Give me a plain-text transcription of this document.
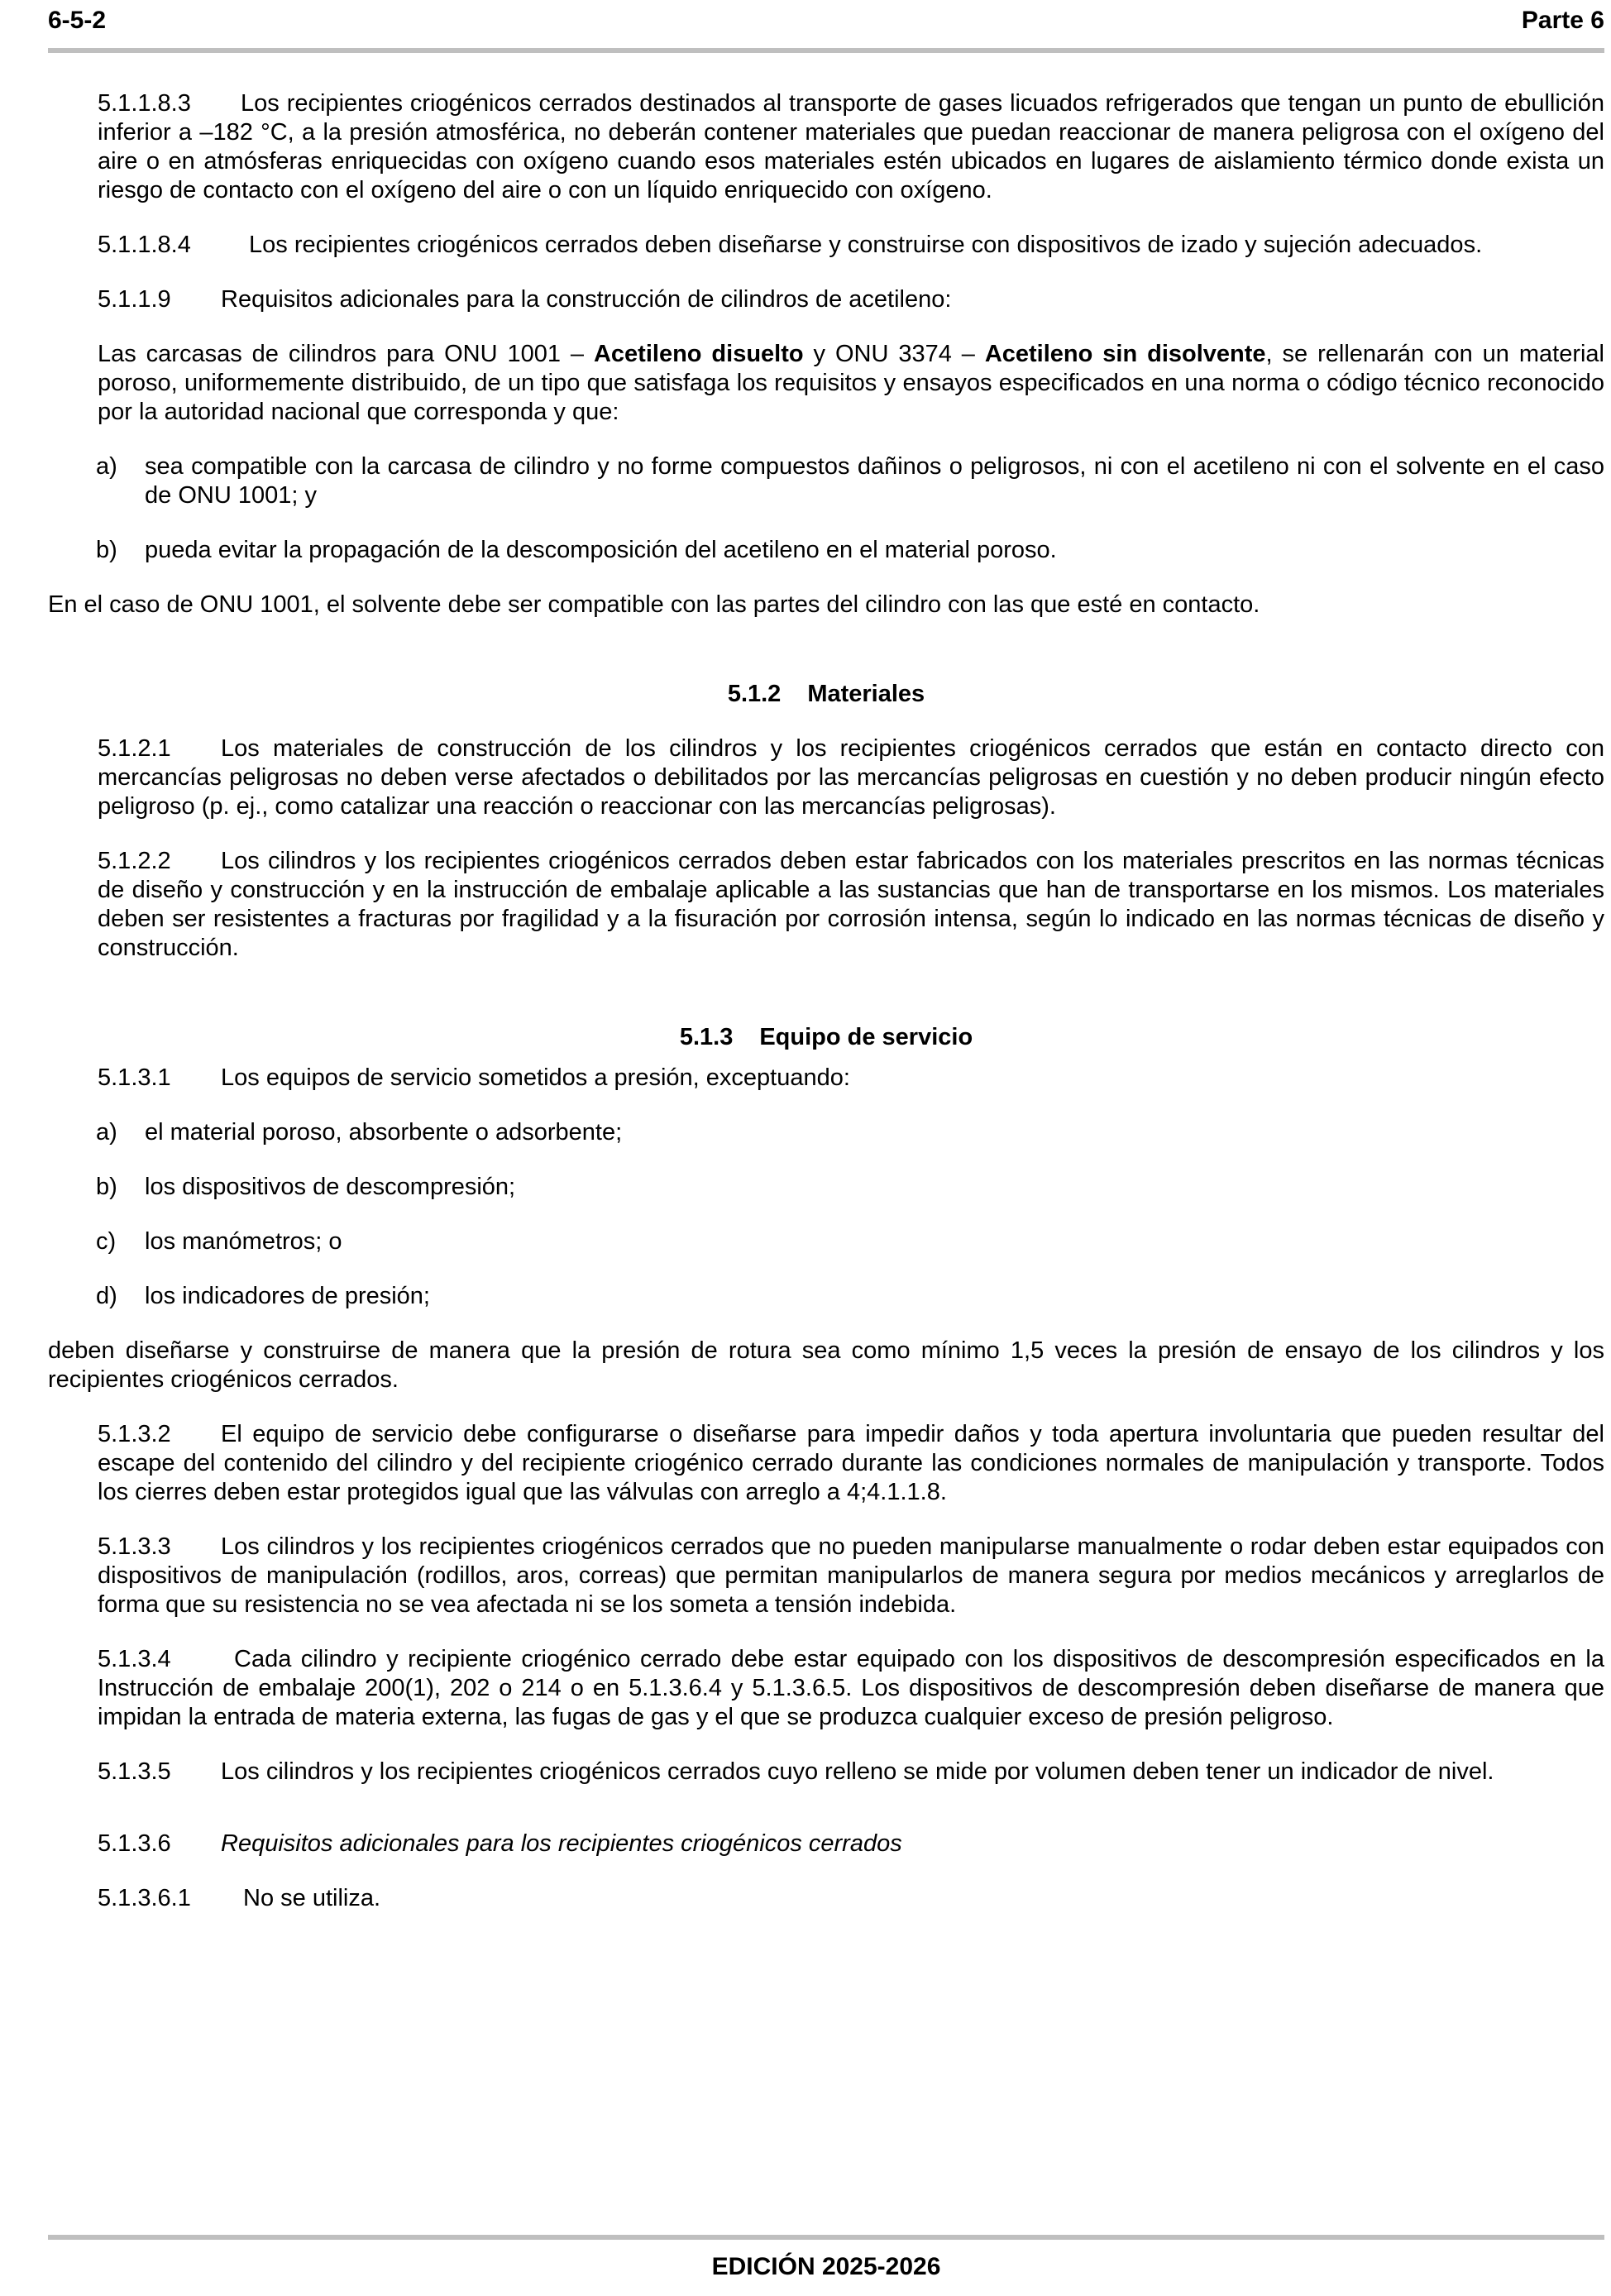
6-5-2	Parte 6

5.1.1.8.3 Los recipientes criogénicos cerrados destinados al transporte de gases licuados refrigerados que tengan un punto de ebullición inferior a –182 °C, a la presión atmosférica, no deberán contener materiales que puedan reaccionar de manera peligrosa con el oxígeno del aire o en atmósferas enriquecidas con oxígeno cuando esos materiales estén ubicados en lugares de aislamiento térmico donde exista un riesgo de contacto con el oxígeno del aire o con un líquido enriquecido con oxígeno.

5.1.1.8.4 Los recipientes criogénicos cerrados deben diseñarse y construirse con dispositivos de izado y sujeción adecuados.

5.1.1.9 Requisitos adicionales para la construcción de cilindros de acetileno:

Las carcasas de cilindros para ONU 1001 – Acetileno disuelto y ONU 3374 – Acetileno sin disolvente, se rellenarán con un material poroso, uniformemente distribuido, de un tipo que satisfaga los requisitos y ensayos especificados en una norma o código técnico reconocido por la autoridad nacional que corresponda y que:

a) sea compatible con la carcasa de cilindro y no forme compuestos dañinos o peligrosos, ni con el acetileno ni con el solvente en el caso de ONU 1001; y

b) pueda evitar la propagación de la descomposición del acetileno en el material poroso.

En el caso de ONU 1001, el solvente debe ser compatible con las partes del cilindro con las que esté en contacto.

5.1.2 Materiales

5.1.2.1 Los materiales de construcción de los cilindros y los recipientes criogénicos cerrados que están en contacto directo con mercancías peligrosas no deben verse afectados o debilitados por las mercancías peligrosas en cuestión y no deben producir ningún efecto peligroso (p. ej., como catalizar una reacción o reaccionar con las mercancías peligrosas).

5.1.2.2 Los cilindros y los recipientes criogénicos cerrados deben estar fabricados con los materiales prescritos en las normas técnicas de diseño y construcción y en la instrucción de embalaje aplicable a las sustancias que han de transportarse en los mismos. Los materiales deben ser resistentes a fracturas por fragilidad y a la fisuración por corrosión intensa, según lo indicado en las normas técnicas de diseño y construcción.

5.1.3 Equipo de servicio

5.1.3.1 Los equipos de servicio sometidos a presión, exceptuando:

a) el material poroso, absorbente o adsorbente;

b) los dispositivos de descompresión;

c) los manómetros; o

d) los indicadores de presión;

deben diseñarse y construirse de manera que la presión de rotura sea como mínimo 1,5 veces la presión de ensayo de los cilindros y los recipientes criogénicos cerrados.

5.1.3.2 El equipo de servicio debe configurarse o diseñarse para impedir daños y toda apertura involuntaria que pueden resultar del escape del contenido del cilindro y del recipiente criogénico cerrado durante las condiciones normales de manipulación y transporte. Todos los cierres deben estar protegidos igual que las válvulas con arreglo a 4;4.1.1.8.

5.1.3.3 Los cilindros y los recipientes criogénicos cerrados que no pueden manipularse manualmente o rodar deben estar equipados con dispositivos de manipulación (rodillos, aros, correas) que permitan manipularlos de manera segura por medios mecánicos y arreglarlos de forma que su resistencia no se vea afectada ni se los someta a tensión indebida.

5.1.3.4	Cada cilindro y recipiente criogénico cerrado debe estar equipado con los dispositivos de descompresión especificados en la Instrucción de embalaje 200(1), 202 o 214 o en 5.1.3.6.4 y 5.1.3.6.5. Los dispositivos de descompresión deben diseñarse de manera que impidan la entrada de materia externa, las fugas de gas y el que se produzca cualquier exceso de presión peligroso.

5.1.3.5 Los cilindros y los recipientes criogénicos cerrados cuyo relleno se mide por volumen deben tener un indicador de nivel.

5.1.3.6 Requisitos adicionales para los recipientes criogénicos cerrados

5.1.3.6.1 No se utiliza.

EDICIÓN 2025-2026
